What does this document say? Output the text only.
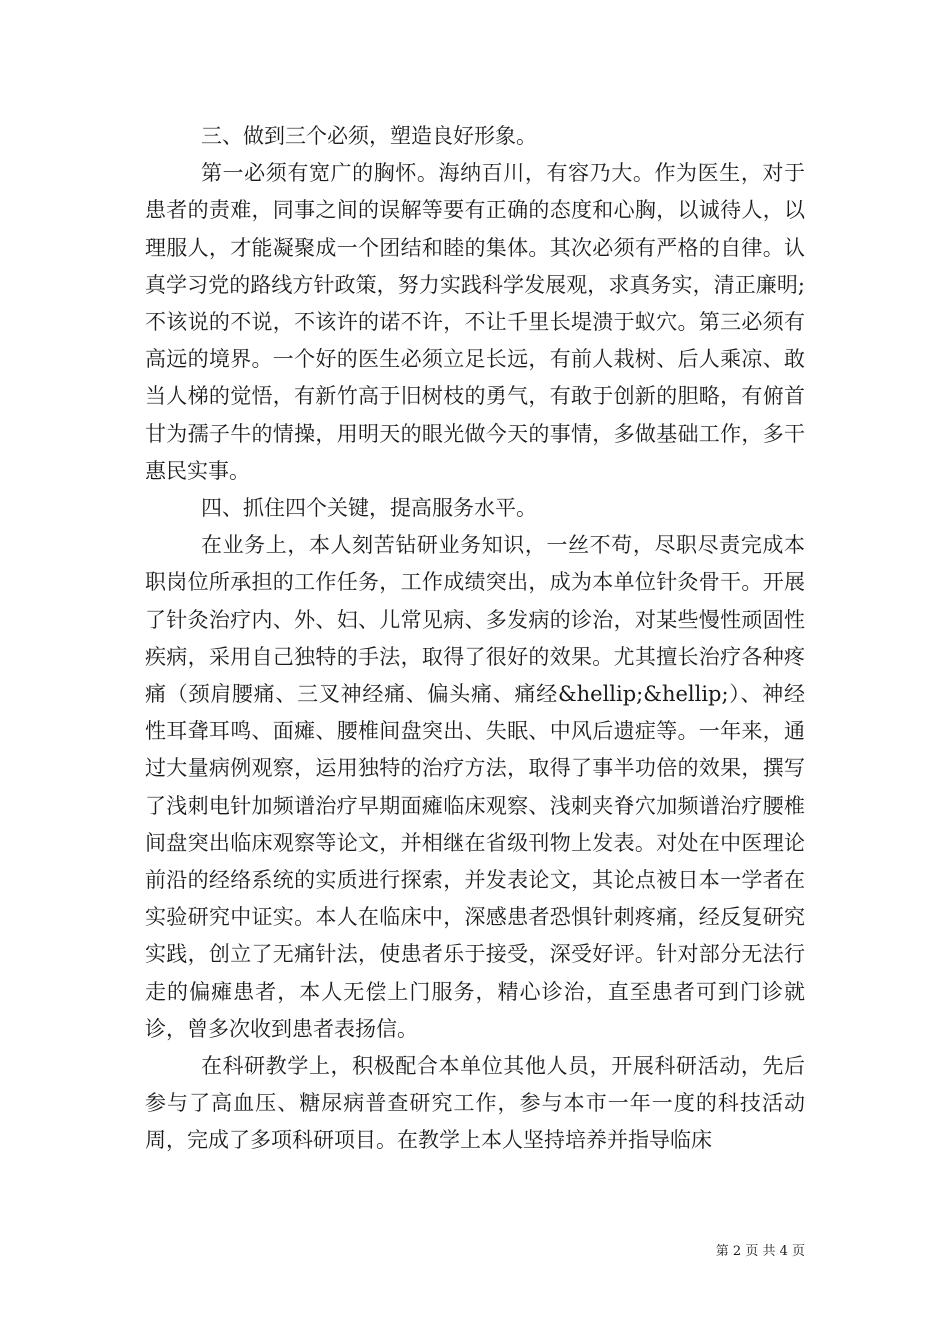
三、做到三个必须，塑造良好形象。

第一必须有宽广的胸怀。海纳百川，有容乃大。作为医生，对于患者的责难，同事之间的误解等要有正确的态度和心胸，以诚待人，以理服人，才能凝聚成一个团结和睦的集体。其次必须有严格的自律。认真学习党的路线方针政策，努力实践科学发展观，求真务实，清正廉明;不该说的不说，不该许的诺不许，不让千里长堤溃于蚁穴。第三必须有高远的境界。一个好的医生必须立足长远，有前人栽树、后人乘凉、敢当人梯的觉悟，有新竹高于旧树枝的勇气，有敢于创新的胆略，有俯首甘为孺子牛的情操，用明天的眼光做今天的事情，多做基础工作，多干惠民实事。

四、抓住四个关键，提高服务水平。

在业务上，本人刻苦钻研业务知识，一丝不苟，尽职尽责完成本职岗位所承担的工作任务，工作成绩突出，成为本单位针灸骨干。开展了针灸治疗内、外、妇、儿常见病、多发病的诊治，对某些慢性顽固性疾病，采用自己独特的手法，取得了很好的效果。尤其擅长治疗各种疼痛（颈肩腰痛、三叉神经痛、偏头痛、痛经&hellip;&hellip;）、神经性耳聋耳鸣、面瘫、腰椎间盘突出、失眠、中风后遗症等。一年来，通过大量病例观察，运用独特的治疗方法，取得了事半功倍的效果，撰写了浅刺电针加频谱治疗早期面瘫临床观察、浅刺夹脊穴加频谱治疗腰椎间盘突出临床观察等论文，并相继在省级刊物上发表。对处在中医理论前沿的经络系统的实质进行探索，并发表论文，其论点被日本一学者在实验研究中证实。本人在临床中，深感患者恐惧针刺疼痛，经反复研究实践，创立了无痛针法，使患者乐于接受，深受好评。针对部分无法行走的偏瘫患者，本人无偿上门服务，精心诊治，直至患者可到门诊就诊，曾多次收到患者表扬信。

在科研教学上，积极配合本单位其他人员，开展科研活动，先后参与了高血压、糖尿病普查研究工作，参与本市一年一度的科技活动周，完成了多项科研项目。在教学上本人坚持培养并指导临床

第 2 页 共 4 页
